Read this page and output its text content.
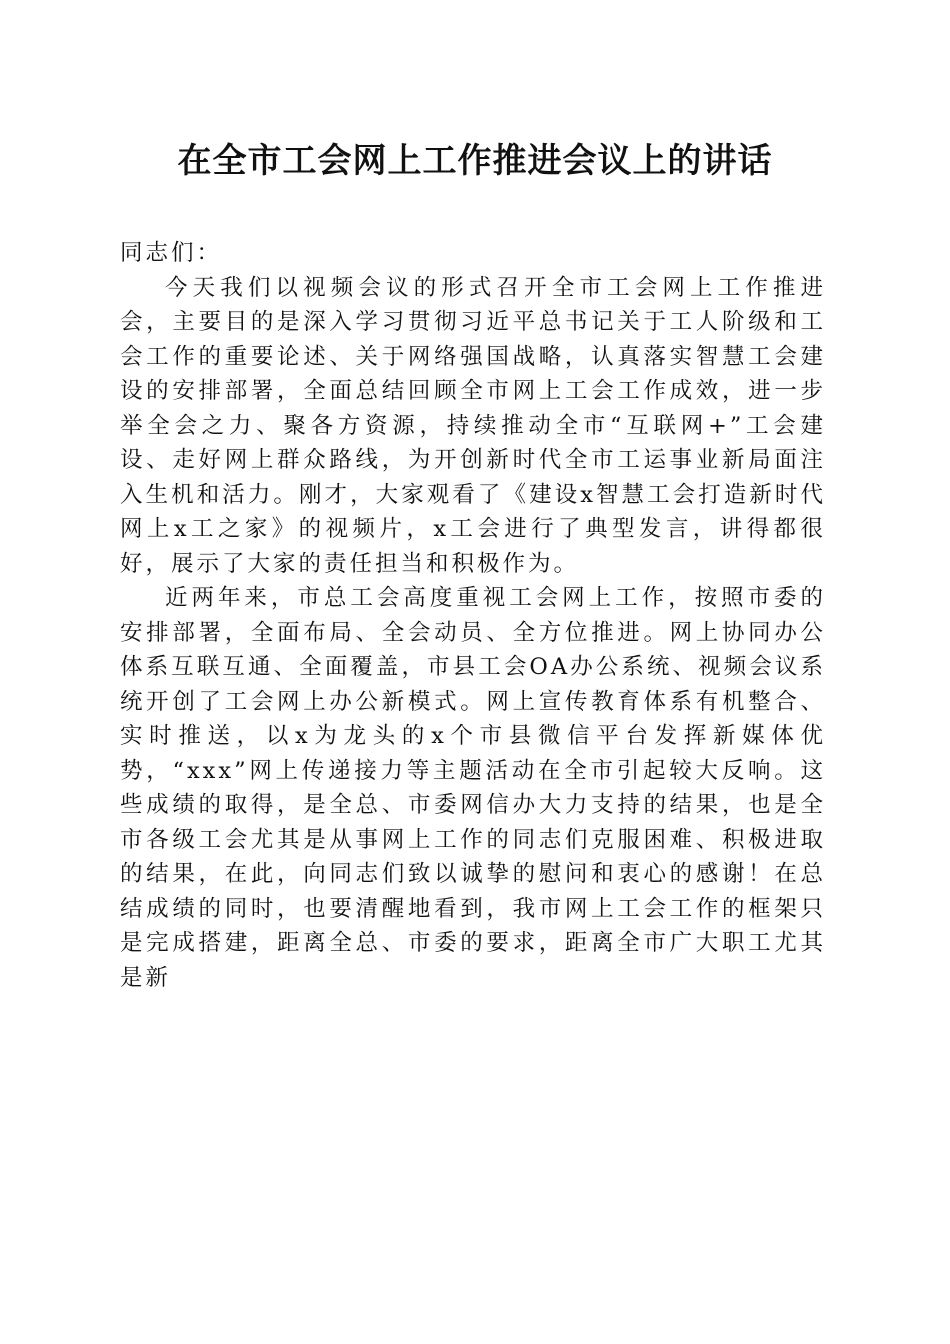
在全市工会网上工作推进会议上的讲话

同志们：

今天我们以视频会议的形式召开全市工会网上工作推进会，主要目的是深入学习贯彻习近平总书记关于工人阶级和工会工作的重要论述、关于网络强国战略，认真落实智慧工会建设的安排部署，全面总结回顾全市网上工会工作成效，进一步举全会之力、聚各方资源，持续推动全市“互联网+”工会建设、走好网上群众路线，为开创新时代全市工运事业新局面注入生机和活力。刚才，大家观看了《建设x智慧工会打造新时代网上x工之家》的视频片，x工会进行了典型发言，讲得都很好，展示了大家的责任担当和积极作为。

近两年来，市总工会高度重视工会网上工作，按照市委的安排部署，全面布局、全会动员、全方位推进。网上协同办公体系互联互通、全面覆盖，市县工会OA办公系统、视频会议系统开创了工会网上办公新模式。网上宣传教育体系有机整合、实时推送，以x为龙头的x个市县微信平台发挥新媒体优势，“xxx”网上传递接力等主题活动在全市引起较大反响。这些成绩的取得，是全总、市委网信办大力支持的结果，也是全市各级工会尤其是从事网上工作的同志们克服困难、积极进取的结果，在此，向同志们致以诚挚的慰问和衷心的感谢！在总结成绩的同时，也要清醒地看到，我市网上工会工作的框架只是完成搭建，距离全总、市委的要求，距离全市广大职工尤其是新
